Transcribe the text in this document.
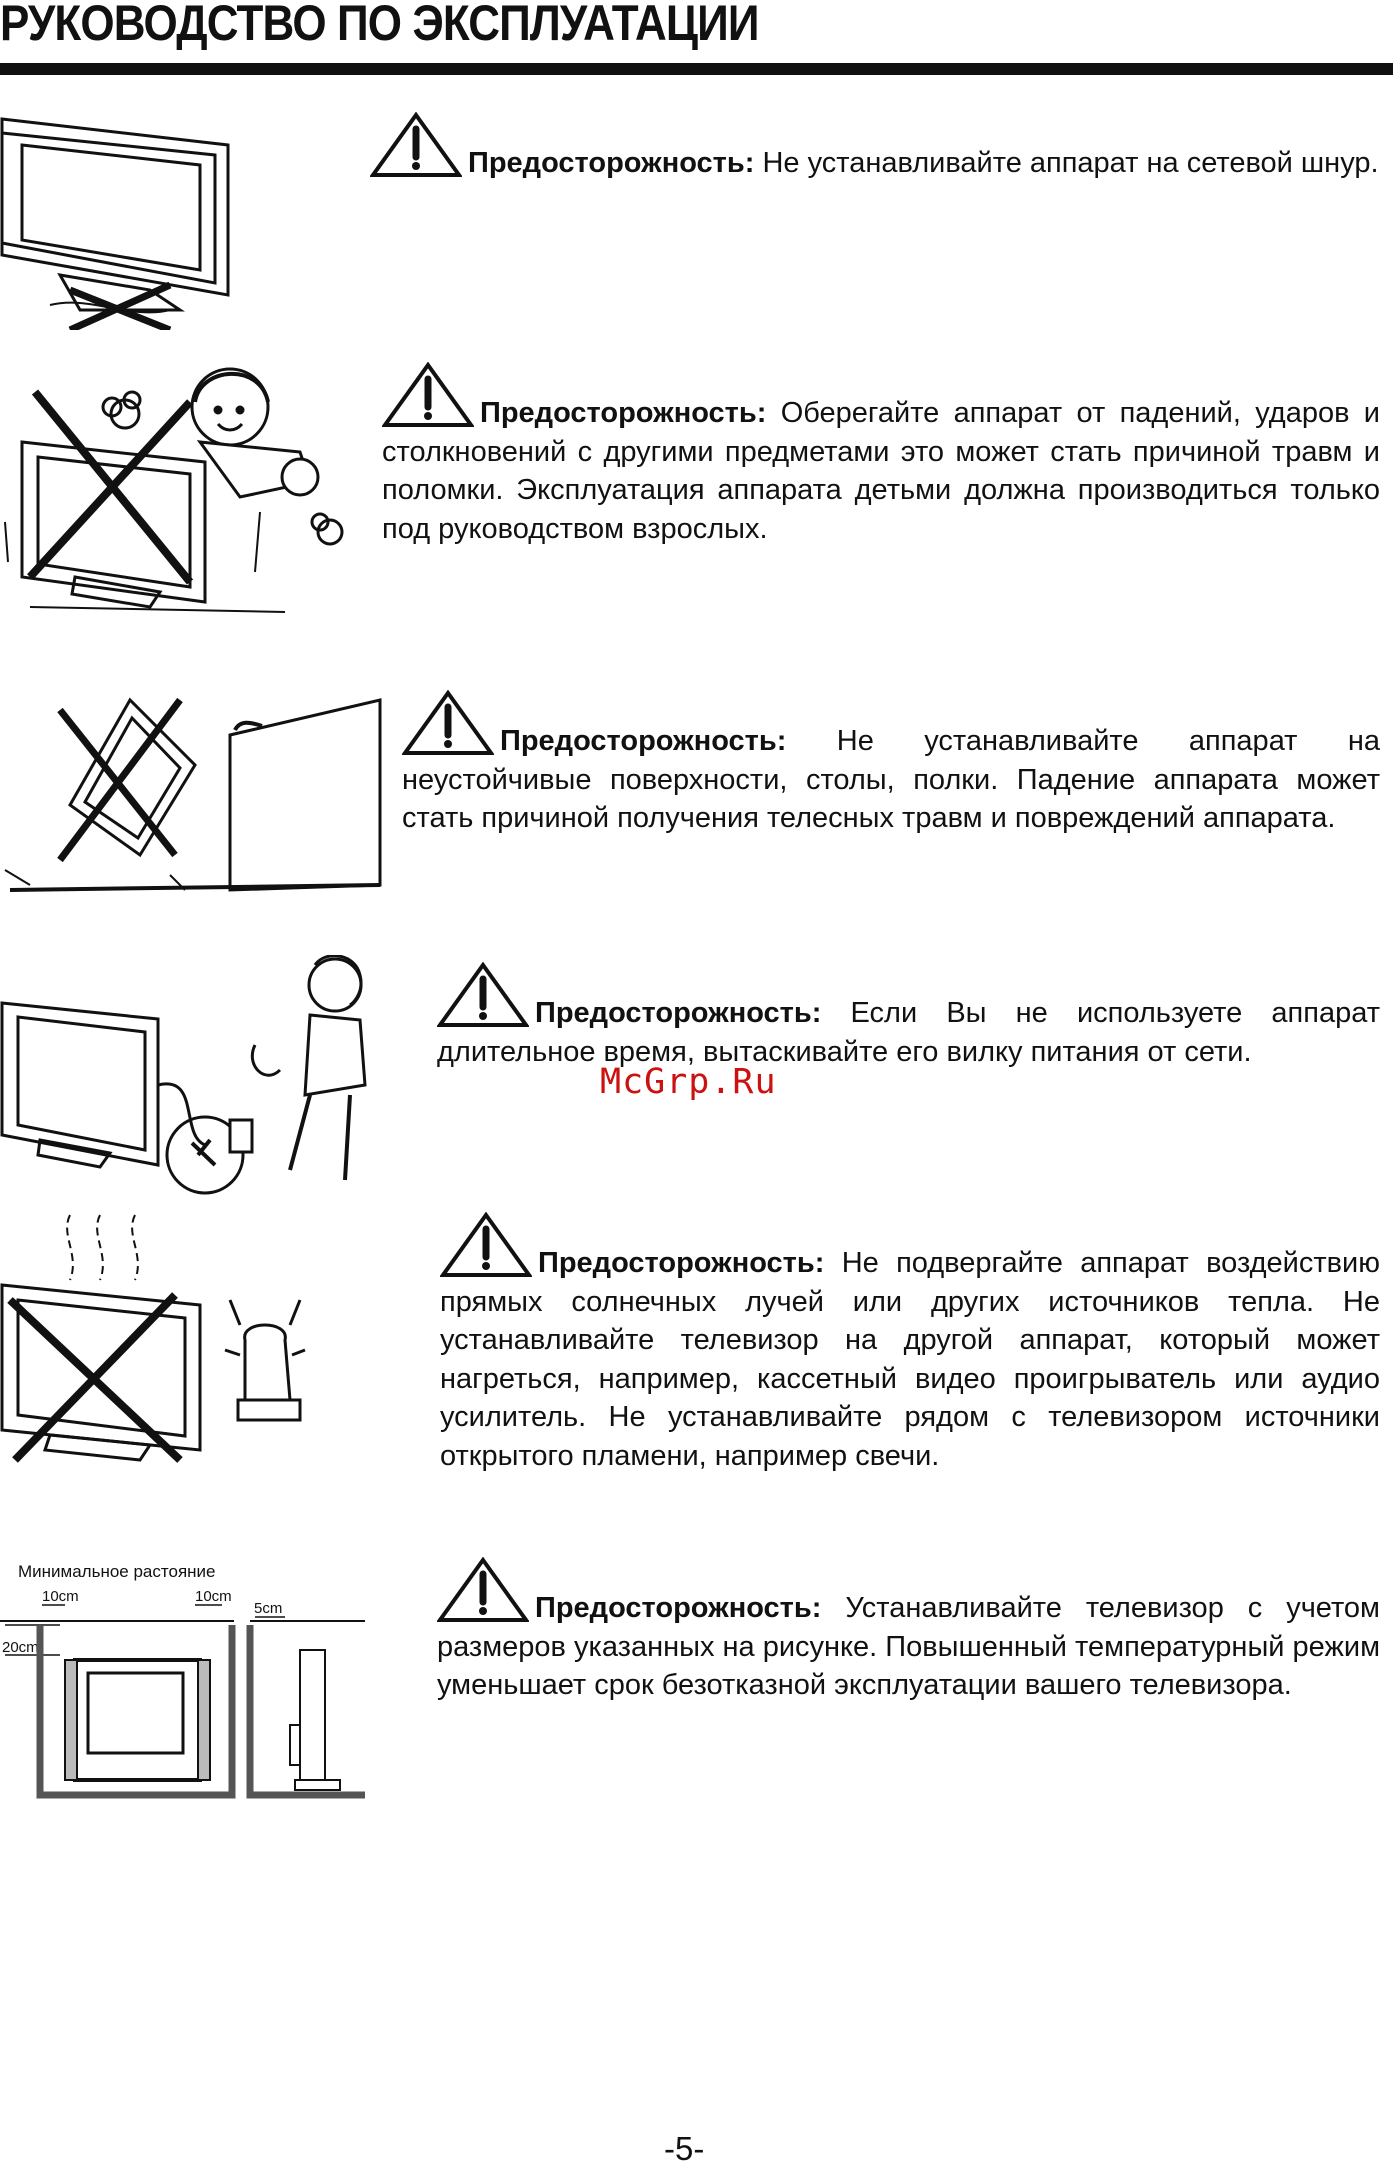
РУКОВОДСТВО ПО ЭКСПЛУАТАЦИИ
Минимальное растояние
10cm	10cm
20cm
5cm

Предосторожность: Не устанавливайте аппарат на сетевой шнур.

Предосторожность: Оберегайте аппарат от падений, ударов и столкновений с другими предметами это может стать причиной травм и поломки. Эксплуатация аппарата детьми должна производиться только под руководством взрослых.

Предосторожность: Не устанавливайте аппарат на неустойчивые поверхности, столы, полки. Падение аппарата может стать причиной получения телесных травм и повреждений аппарата.

Предосторожность: Если Вы не используете аппарат длительное время, вытаскивайте его вилку питания от сети.

Предосторожность: Не подвергайте аппарат воздействию прямых солнечных лучей или других источников тепла. Не устанавливайте телевизор на другой аппарат, который может нагреться, например, кассетный видео проигрыватель или аудио усилитель. Не устанавливайте рядом с телевизором источники открытого пламени, например свечи.

Предосторожность: Устанавливайте телевизор с учетом размеров указанных на рисунке. Повышенный температурный режим уменьшает срок безотказной эксплуатации вашего телевизора.

McGrp.Ru
-5-
